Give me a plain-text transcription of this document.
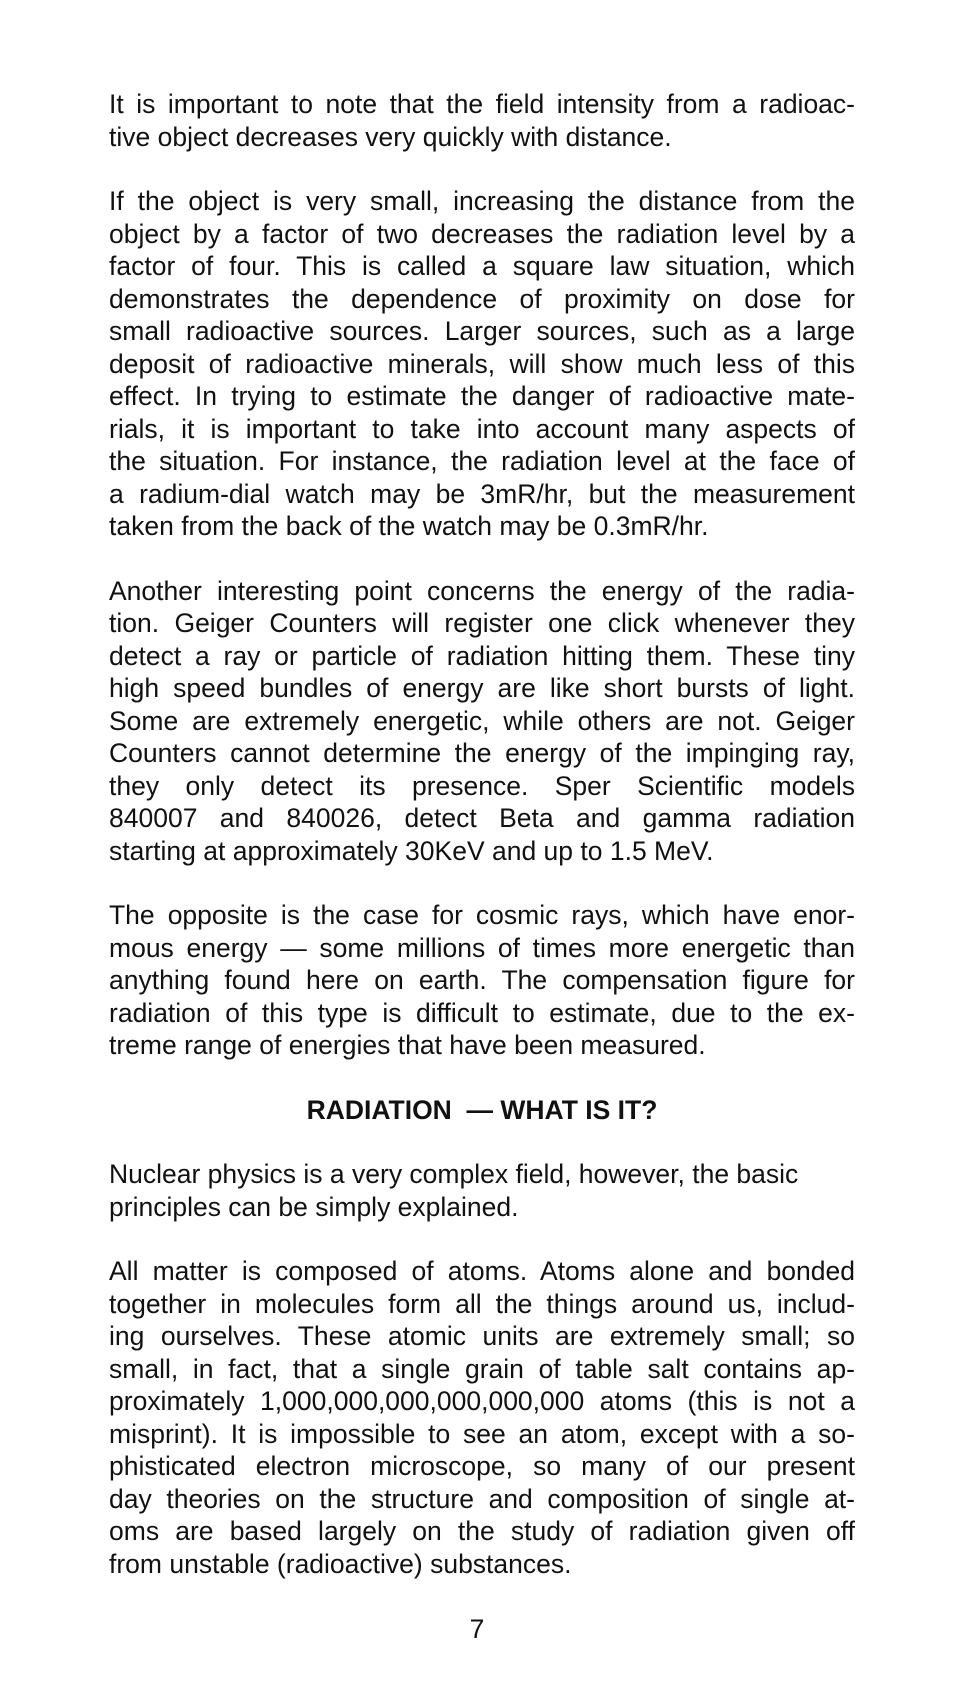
It is important to note that the field intensity from a radioac-
tive object decreases very quickly with distance.
If the object is very small, increasing the distance from the
object by a factor of two decreases the radiation level by a
factor of four. This is called a square law situation, which
demonstrates the dependence of proximity on dose for
small radioactive sources. Larger sources, such as a large
deposit of radioactive minerals, will show much less of this
effect. In trying to estimate the danger of radioactive mate-
rials, it is important to take into account many aspects of
the situation. For instance, the radiation level at the face of
a radium-dial watch may be 3mR/hr, but the measurement
taken from the back of the watch may be 0.3mR/hr.
Another interesting point concerns the energy of the radia-
tion. Geiger Counters will register one click whenever they
detect a ray or particle of radiation hitting them. These tiny
high speed bundles of energy are like short bursts of light.
Some are extremely energetic, while others are not. Geiger
Counters cannot determine the energy of the impinging ray,
they only detect its presence. Sper Scientific models
840007 and 840026, detect Beta and gamma radiation
starting at approximately 30KeV and up to 1.5 MeV.
The opposite is the case for cosmic rays, which have enor-
mous energy — some millions of times more energetic than
anything found here on earth. The compensation figure for
radiation of this type is difficult to estimate, due to the ex-
treme range of energies that have been measured.
RADIATION  — WHAT IS IT?
Nuclear physics is a very complex field, however, the basic
principles can be simply explained.
All matter is composed of atoms. Atoms alone and bonded
together in molecules form all the things around us, includ-
ing ourselves. These atomic units are extremely small; so
small, in fact, that a single grain of table salt contains ap-
proximately 1,000,000,000,000,000,000 atoms (this is not a
misprint). It is impossible to see an atom, except with a so-
phisticated electron microscope, so many of our present
day theories on the structure and composition of single at-
oms are based largely on the study of radiation given off
from unstable (radioactive) substances.
7
